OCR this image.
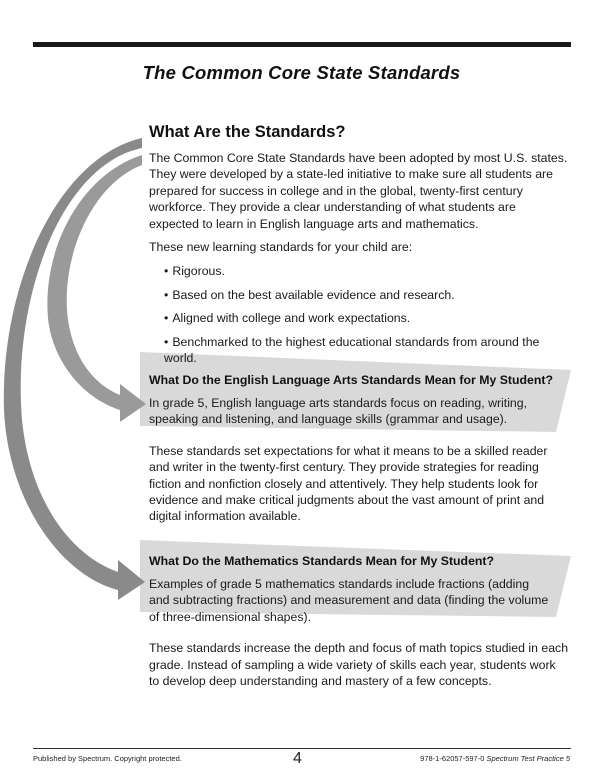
The Common Core State Standards
What Are the Standards?

The Common Core State Standards have been adopted by most U.S. states. They were developed by a state-led initiative to make sure all students are prepared for success in college and in the global, twenty-first century workforce. They provide a clear understanding of what students are expected to learn in English language arts and mathematics.

These new learning standards for your child are:

• Rigorous.
• Based on the best available evidence and research.
• Aligned with college and work expectations.
• Benchmarked to the highest educational standards from around the world.
What Do the English Language Arts Standards Mean for My Student?

In grade 5, English language arts standards focus on reading, writing, speaking and listening, and language skills (grammar and usage).

These standards set expectations for what it means to be a skilled reader and writer in the twenty-first century. They provide strategies for reading fiction and nonfiction closely and attentively. They help students look for evidence and make critical judgments about the vast amount of print and digital information available.

What Do the Mathematics Standards Mean for My Student?

Examples of grade 5 mathematics standards include fractions (adding and subtracting fractions) and measurement and data (finding the volume of three-dimensional shapes).

These standards increase the depth and focus of math topics studied in each grade. Instead of sampling a wide variety of skills each year, students work to develop deep understanding and mastery of a few concepts.

Published by Spectrum. Copyright protected.	4	978-1-62057-597-0 Spectrum Test Practice 5
